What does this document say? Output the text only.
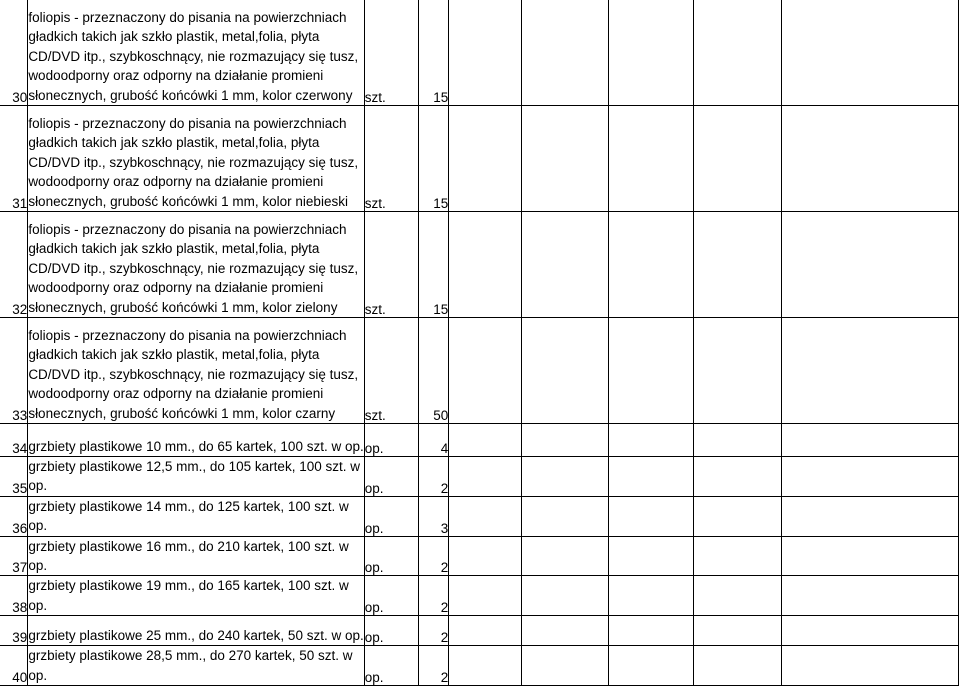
30	foliopis - przeznaczony do pisania na powierzchniach
gładkich takich jak szkło plastik, metal,folia, płyta
CD/DVD itp., szybkoschnący, nie rozmazujący się tusz,
wodoodporny oraz odporny na działanie promieni
słonecznych, grubość końcówki 1 mm, kolor czerwony	szt.	15					
31	foliopis - przeznaczony do pisania na powierzchniach
gładkich takich jak szkło plastik, metal,folia, płyta
CD/DVD itp., szybkoschnący, nie rozmazujący się tusz,
wodoodporny oraz odporny na działanie promieni
słonecznych, grubość końcówki 1 mm, kolor niebieski	szt.	15					
32	foliopis - przeznaczony do pisania na powierzchniach
gładkich takich jak szkło plastik, metal,folia, płyta
CD/DVD itp., szybkoschnący, nie rozmazujący się tusz,
wodoodporny oraz odporny na działanie promieni
słonecznych, grubość końcówki 1 mm, kolor zielony	szt.	15					
33	foliopis - przeznaczony do pisania na powierzchniach
gładkich takich jak szkło plastik, metal,folia, płyta
CD/DVD itp., szybkoschnący, nie rozmazujący się tusz,
wodoodporny oraz odporny na działanie promieni
słonecznych, grubość końcówki 1 mm, kolor czarny	szt.	50					
34	grzbiety plastikowe 10 mm., do 65 kartek, 100 szt. w op.	op.	4					
35	grzbiety plastikowe 12,5 mm., do 105 kartek, 100 szt. w
op.	op.	2					
36	grzbiety plastikowe 14 mm., do 125 kartek, 100 szt. w
op.	op.	3					
37	grzbiety plastikowe 16 mm., do 210 kartek, 100 szt. w
op.	op.	2					
38	grzbiety plastikowe 19 mm., do 165 kartek, 100 szt. w
op.	op.	2					
39	grzbiety plastikowe 25 mm., do 240 kartek, 50 szt. w op.	op.	2					
40	grzbiety plastikowe 28,5 mm., do 270 kartek, 50 szt. w
op.	op.	2					
